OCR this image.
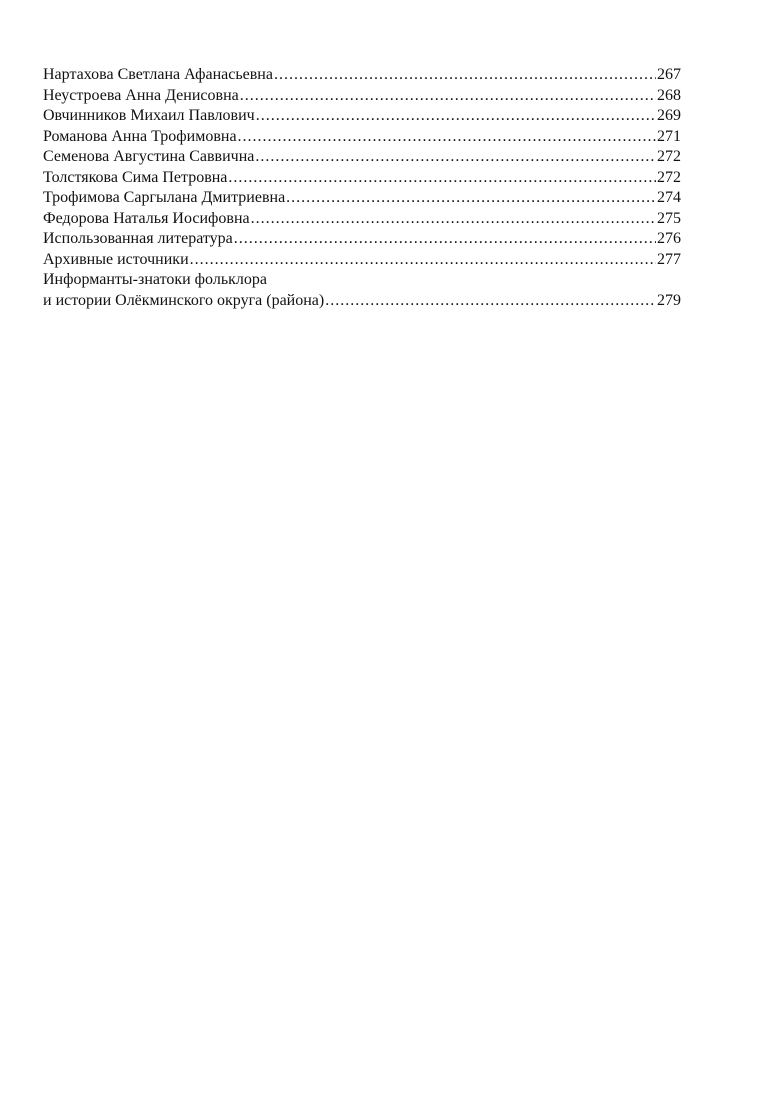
Нартахова Светлана Афанасьевна .....	267
Неустроева Анна Денисовна .....	268
Овчинников Михаил Павлович .....	269
Романова Анна Трофимовна .....	271
Семенова Августина Саввична .....	272
Толстякова Сима Петровна .....	272
Трофимова Саргылана Дмитриевна .....	274
Федорова Наталья Иосифовна .....	275
Использованная литература .....	276
Архивные источники .....	277
Информанты-знатоки фольклора
и истории Олёкминского округа (района) .....	279
